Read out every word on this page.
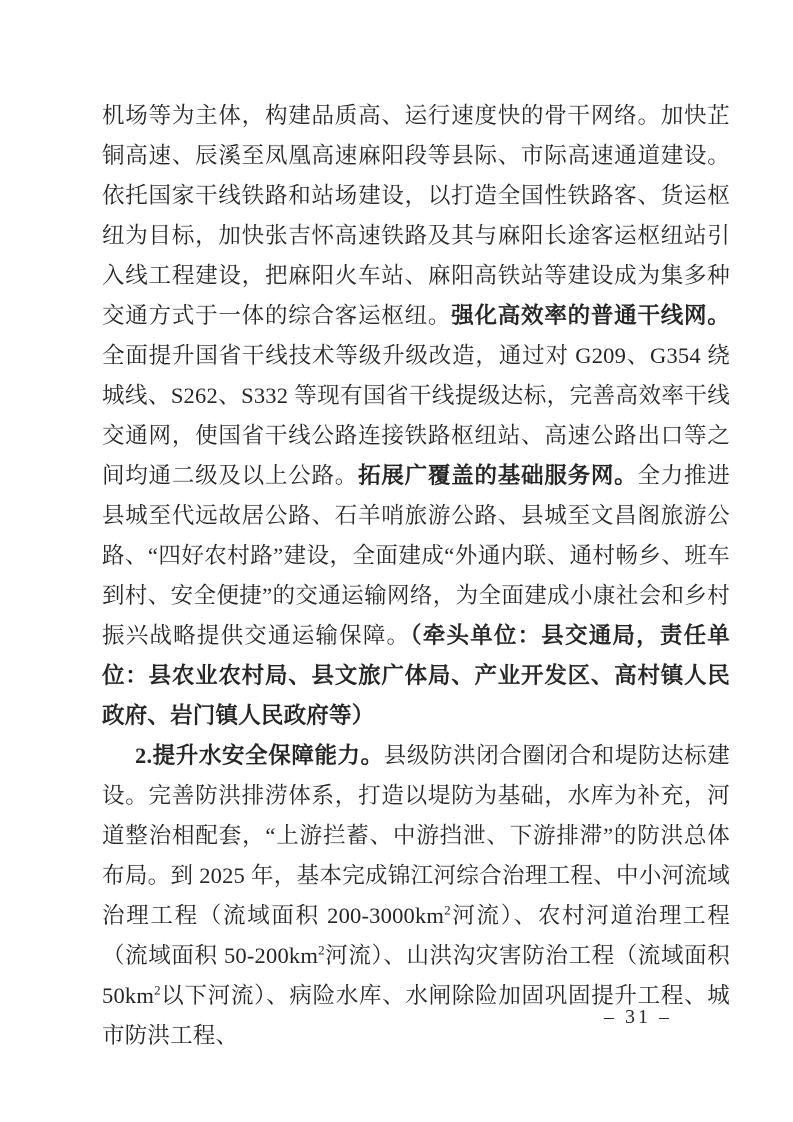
机场等为主体，构建品质高、运行速度快的骨干网络。加快芷铜高速、辰溪至凤凰高速麻阳段等县际、市际高速通道建设。依托国家干线铁路和站场建设，以打造全国性铁路客、货运枢纽为目标，加快张吉怀高速铁路及其与麻阳长途客运枢纽站引入线工程建设，把麻阳火车站、麻阳高铁站等建设成为集多种交通方式于一体的综合客运枢纽。强化高效率的普通干线网。全面提升国省干线技术等级升级改造，通过对 G209、G354 绕城线、S262、S332 等现有国省干线提级达标，完善高效率干线交通网，使国省干线公路连接铁路枢纽站、高速公路出口等之间均通二级及以上公路。拓展广覆盖的基础服务网。全力推进县城至代远故居公路、石羊哨旅游公路、县城至文昌阁旅游公路、“四好农村路”建设，全面建成“外通内联、通村畅乡、班车到村、安全便捷”的交通运输网络，为全面建成小康社会和乡村振兴战略提供交通运输保障。（牵头单位：县交通局，责任单位：县农业农村局、县文旅广体局、产业开发区、高村镇人民政府、岩门镇人民政府等）

2.提升水安全保障能力。县级防洪闭合圈闭合和堤防达标建设。完善防洪排涝体系，打造以堤防为基础，水库为补充，河道整治相配套，“上游拦蓄、中游挡泄、下游排滞”的防洪总体布局。到 2025 年，基本完成锦江河综合治理工程、中小河流域治理工程（流域面积 $200-3000km^2$河流）、农村河道治理工程（流域面积 $50-200km^2$河流）、山洪沟灾害防治工程（流域面积 $50km^2$以下河流）、病险水库、水闸除险加固巩固提升工程、城市防洪工程、

– 31 –
